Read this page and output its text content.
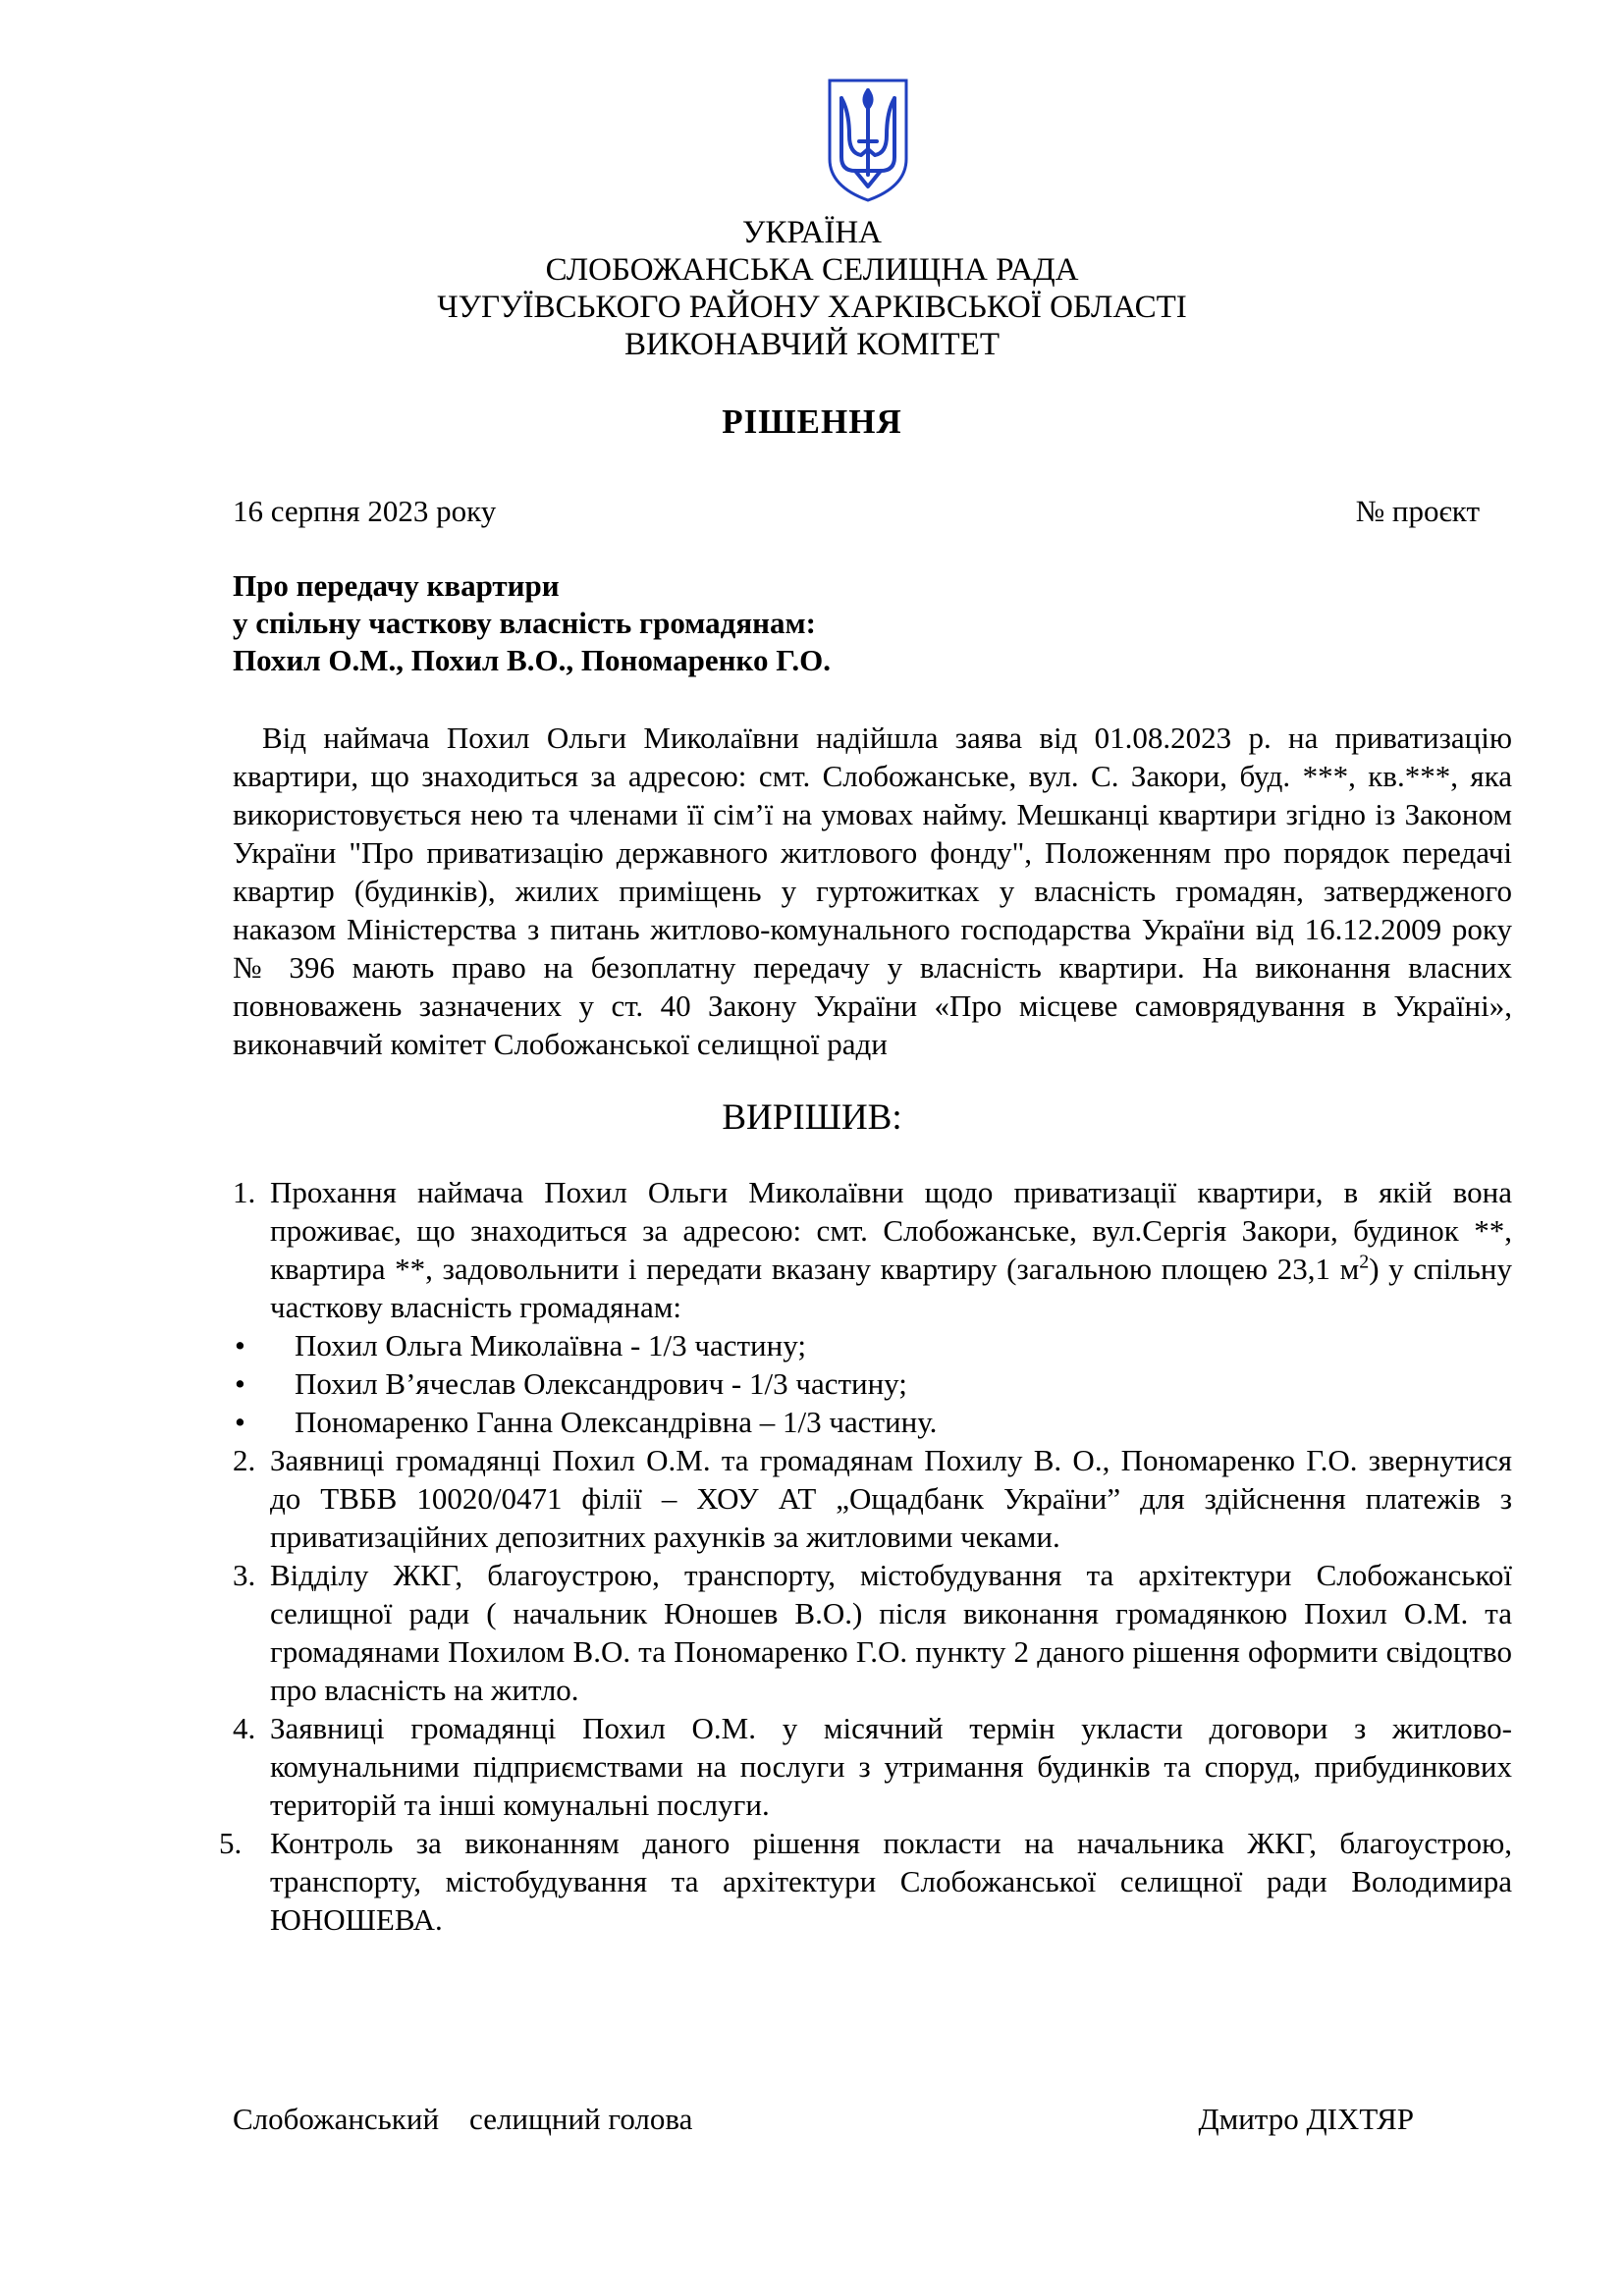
УКРАЇНА
СЛОБОЖАНСЬКА СЕЛИЩНА РАДА
ЧУГУЇВСЬКОГО РАЙОНУ ХАРКІВСЬКОЇ ОБЛАСТІ
ВИКОНАВЧИЙ КОМІТЕТ
РІШЕННЯ
16 серпня 2023 року	№ проєкт
Про передачу квартири
у спільну часткову власність громадянам:
Похил О.М., Похил В.О., Пономаренко Г.О.
Від наймача Похил Ольги Миколаївни надійшла заява від 01.08.2023 р. на приватизацію квартири, що знаходиться за адресою: смт. Слобожанське, вул. С. Закори, буд. ***, кв.***, яка використовується нею та членами її сім’ї на умовах найму. Мешканці квартири згідно із Законом України "Про приватизацію державного житлового фонду", Положенням про порядок передачі квартир (будинків), жилих приміщень у гуртожитках у власність громадян, затвердженого наказом Міністерства з питань житлово-комунального господарства України від 16.12.2009 року № 396 мають право на безоплатну передачу у власність квартири. На виконання власних повноважень зазначених у ст. 40 Закону України «Про місцеве самоврядування в Україні», виконавчий комітет Слобожанської селищної ради
ВИРІШИВ:
1. Прохання наймача Похил Ольги Миколаївни щодо приватизації квартири, в якій вона проживає, що знаходиться за адресою: смт. Слобожанське, вул.Сергія Закори, будинок **, квартира **, задовольнити і передати вказану квартиру (загальною площею 23,1 $м^2$) у спільну часткову власність громадянам:
• Похил Ольга Миколаївна - 1/3 частину;
• Похил В’ячеслав Олександрович - 1/3 частину;
• Пономаренко Ганна Олександрівна – 1/3 частину.
2. Заявниці громадянці Похил О.М. та громадянам Похилу В. О., Пономаренко Г.О. звернутися до ТВБВ 10020/0471 філії – ХОУ АТ „Ощадбанк України” для здійснення платежів з приватизаційних депозитних рахунків за житловими чеками.
3. Відділу ЖКГ, благоустрою, транспорту, містобудування та архітектури Слобожанської селищної ради ( начальник Юношев В.О.) після виконання громадянкою Похил О.М. та громадянами Похилом В.О. та Пономаренко Г.О. пункту 2 даного рішення оформити свідоцтво про власність на житло.
4. Заявниці громадянці Похил О.М. у місячний термін укласти договори з житлово-комунальними підприємствами на послуги з утримання будинків та споруд, прибудинкових територій та інші комунальні послуги.
5. Контроль за виконанням даного рішення покласти на начальника ЖКГ, благоустрою, транспорту, містобудування та архітектури Слобожанської селищної ради Володимира ЮНОШЕВА.
Слобожанський    селищний голова	Дмитро ДІХТЯР
